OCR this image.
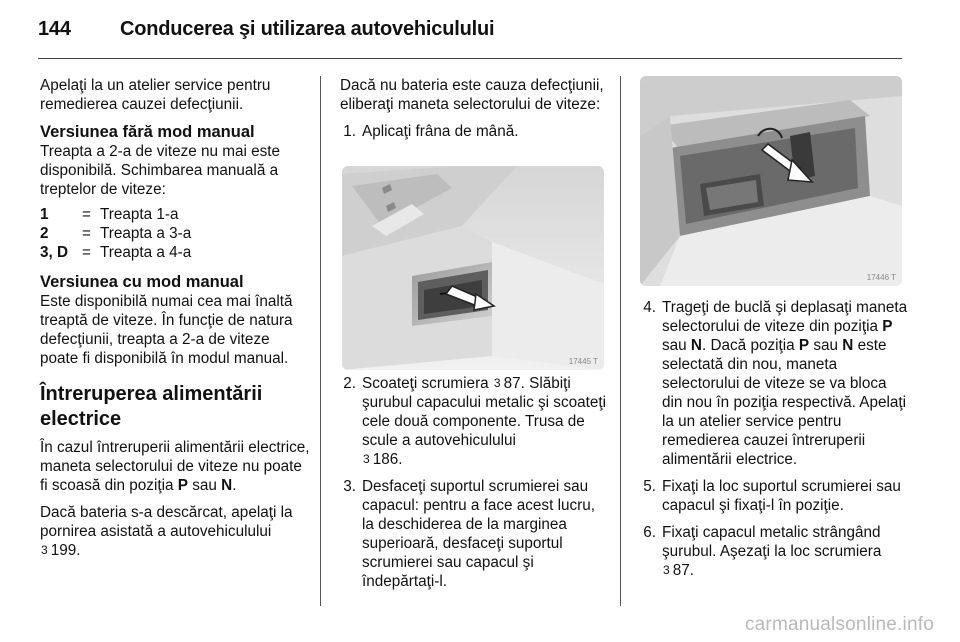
144	Conducerea şi utilizarea autovehiculului

Apelaţi la un atelier service pentru remedierea cauzei defecţiunii.

Versiunea fără mod manual

Treapta a 2-a de viteze nu mai este disponibilă. Schimbarea manuală a treptelor de viteze:

1	= Treapta 1-a
2	= Treapta a 3-a
3, D = Treapta a 4-a
Versiunea cu mod manual

Este disponibilă numai cea mai înaltă treaptă de viteze. În funcţie de natura defecţiunii, treapta a 2-a de viteze poate fi disponibilă în modul manual.

Întreruperea alimentării electrice

În cazul întreruperii alimentării electrice, maneta selectorului de viteze nu poate fi scoasă din poziţia P sau N.

Dacă bateria s-a descărcat, apelaţi la pornirea asistată a autovehiculului
3 199.

Dacă nu bateria este cauza defecţiunii, eliberaţi maneta selectorului de viteze:

1. Aplicaţi frâna de mână.
17445 T
2. Scoateţi scrumiera 3 87. Slăbiţi şurubul capacului metalic şi scoateţi cele două componente. Trusa de scule a autovehiculului
3 186.
3. Desfaceţi suportul scrumierei sau capacul: pentru a face acest lucru, la deschiderea de la marginea superioară, desfaceţi suportul scrumierei sau capacul şi îndepărtaţi-l.
17446 T
4. Trageţi de buclă şi deplasaţi maneta selectorului de viteze din poziţia P sau N. Dacă poziţia P sau N este selectată din nou, maneta selectorului de viteze se va bloca din nou în poziţia respectivă. Apelaţi la un atelier service pentru remedierea cauzei întreruperii alimentării electrice.
5. Fixaţi la loc suportul scrumierei sau capacul şi fixaţi-l în poziţie.
6. Fixaţi capacul metalic strângând şurubul. Aşezaţi la loc scrumiera
3 87.
carmanualsonline.info
